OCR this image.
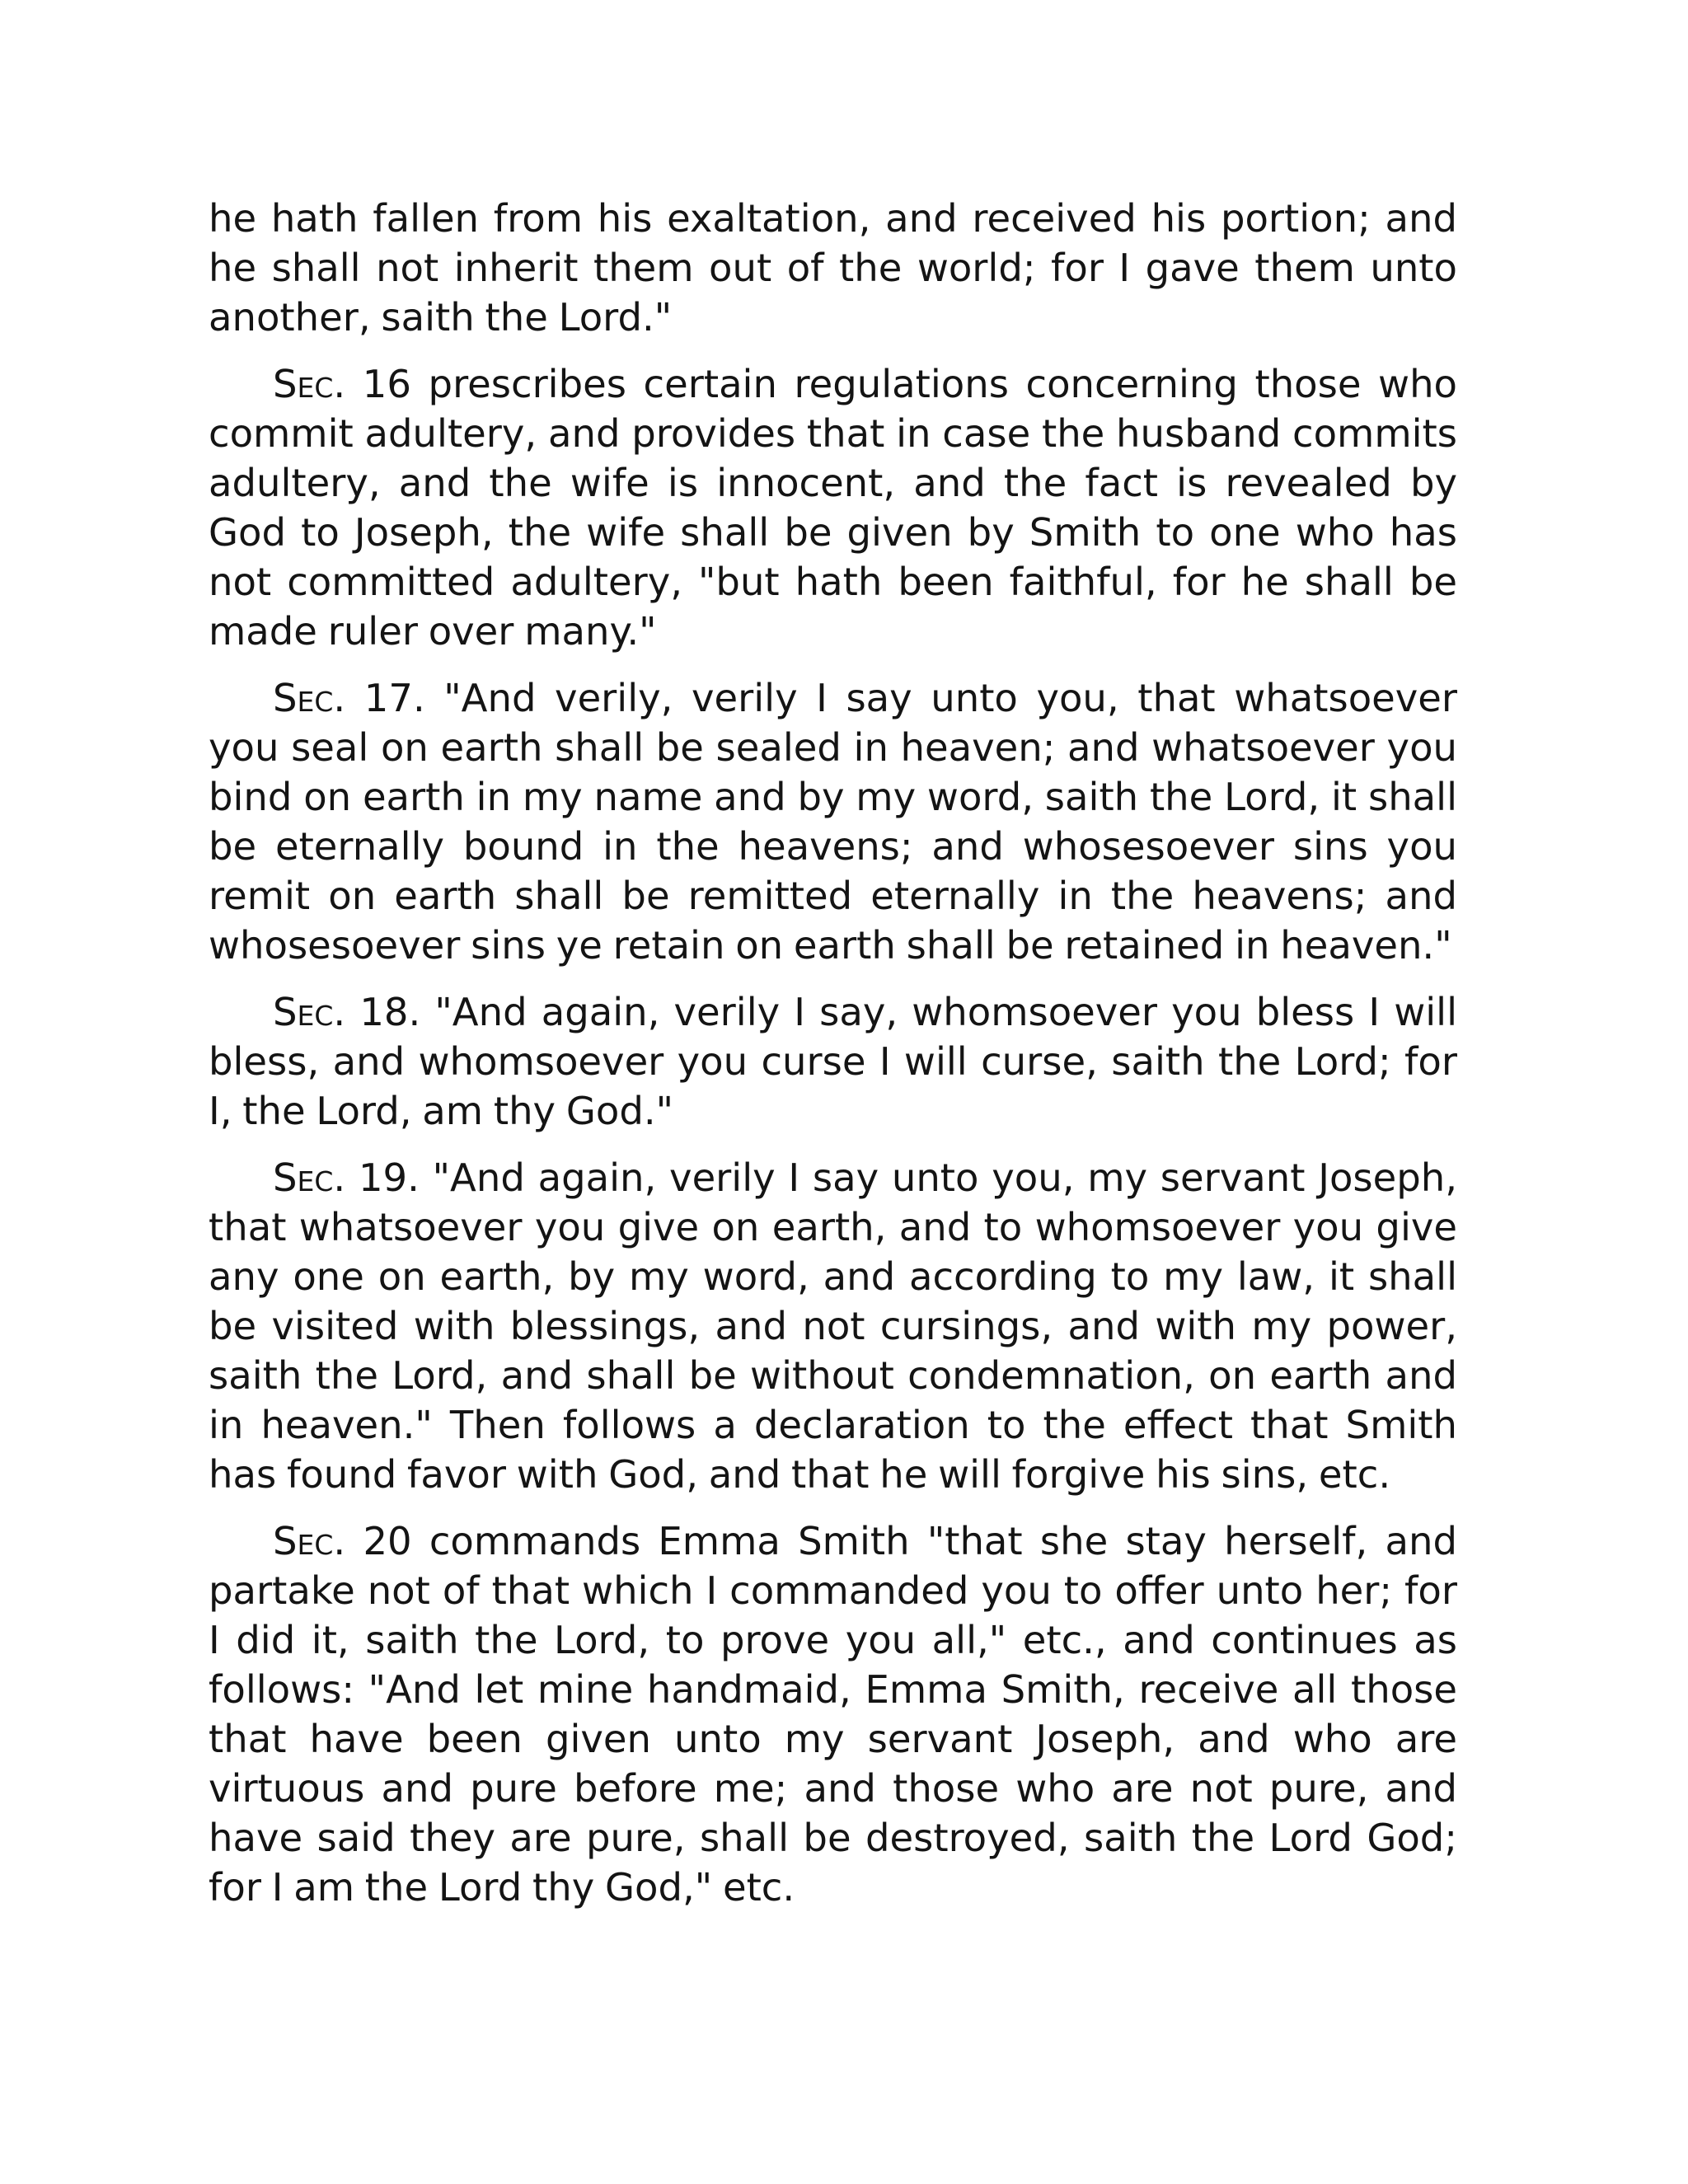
he hath fallen from his exaltation, and received his portion; and he shall not inherit them out of the world; for I gave them unto another, saith the Lord."

Sec. 16 prescribes certain regulations concerning those who commit adultery, and provides that in case the husband commits adultery, and the wife is innocent, and the fact is revealed by God to Joseph, the wife shall be given by Smith to one who has not committed adultery, "but hath been faithful, for he shall be made ruler over many."

Sec. 17. "And verily, verily I say unto you, that whatsoever you seal on earth shall be sealed in heaven; and whatsoever you bind on earth in my name and by my word, saith the Lord, it shall be eternally bound in the heavens; and whosesoever sins you remit on earth shall be remitted eternally in the heavens; and whosesoever sins ye retain on earth shall be retained in heaven."

Sec. 18. "And again, verily I say, whomsoever you bless I will bless, and whomsoever you curse I will curse, saith the Lord; for I, the Lord, am thy God."

Sec. 19. "And again, verily I say unto you, my servant Joseph, that whatsoever you give on earth, and to whomsoever you give any one on earth, by my word, and according to my law, it shall be visited with blessings, and not cursings, and with my power, saith the Lord, and shall be without condemnation, on earth and in heaven." Then follows a declaration to the effect that Smith has found favor with God, and that he will forgive his sins, etc.

Sec. 20 commands Emma Smith "that she stay herself, and partake not of that which I commanded you to offer unto her; for I did it, saith the Lord, to prove you all," etc., and continues as follows: "And let mine handmaid, Emma Smith, receive all those that have been given unto my servant Joseph, and who are virtuous and pure before me; and those who are not pure, and have said they are pure, shall be destroyed, saith the Lord God; for I am the Lord thy God," etc.
